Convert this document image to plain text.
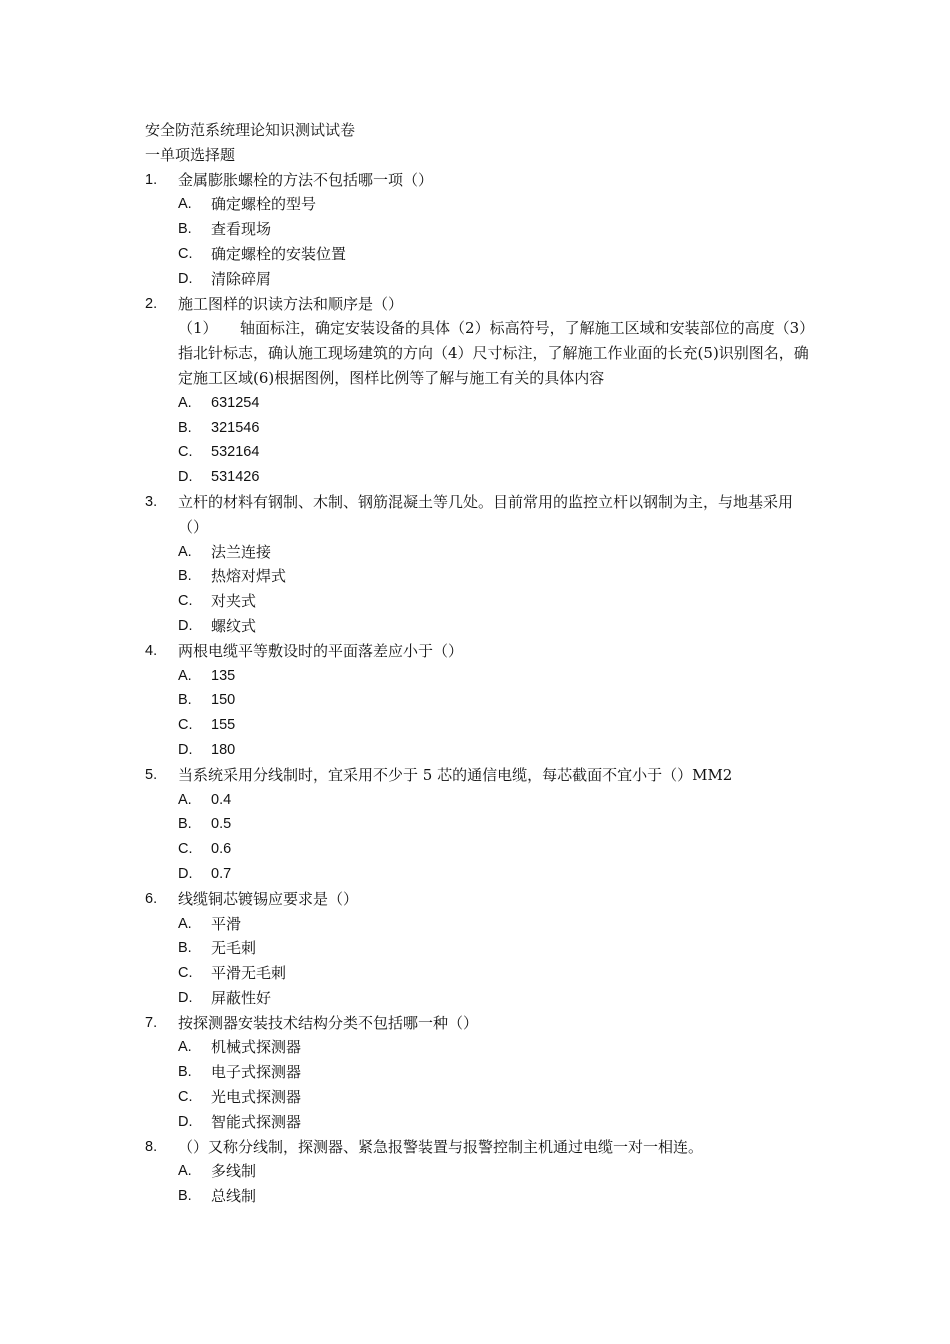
安全防范系统理论知识测试试卷
一单项选择题
1.	金属膨胀螺栓的方法不包括哪一项（）
A.	确定螺栓的型号
B.	查看现场
C.	确定螺栓的安装位置
D.	清除碎屑
2.	施工图样的识读方法和顺序是（）
（1）　　轴面标注，确定安装设备的具体（2）标高符号，了解施工区域和安装部位的高度（3）指北针标志，确认施工现场建筑的方向（4）尺寸标注，了解施工作业面的长充(5)识别图名，确定施工区域(6)根据图例，图样比例等了解与施工有关的具体内容
A.	631254
B.	321546
C.	532164
D.	531426
3.	立杆的材料有钢制、木制、钢筋混凝土等几处。目前常用的监控立杆以钢制为主，与地基采用（）
A.	法兰连接
B.	热熔对焊式
C.	对夹式
D.	螺纹式
4.	两根电缆平等敷设时的平面落差应小于（）
A.	135
B.	150
C.	155
D.	180
5.	当系统采用分线制时，宜采用不少于 5 芯的通信电缆，每芯截面不宜小于（）MM2
A.	0.4
B.	0.5
C.	0.6
D.	0.7
6.	线缆铜芯镀锡应要求是（）
A.	平滑
B.	无毛刺
C.	平滑无毛刺
D.	屏蔽性好
7.	按探测器安装技术结构分类不包括哪一种（）
A.	机械式探测器
B.	电子式探测器
C.	光电式探测器
D.	智能式探测器
8.	（）又称分线制，探测器、紧急报警装置与报警控制主机通过电缆一对一相连。
A.	多线制
B.	总线制
